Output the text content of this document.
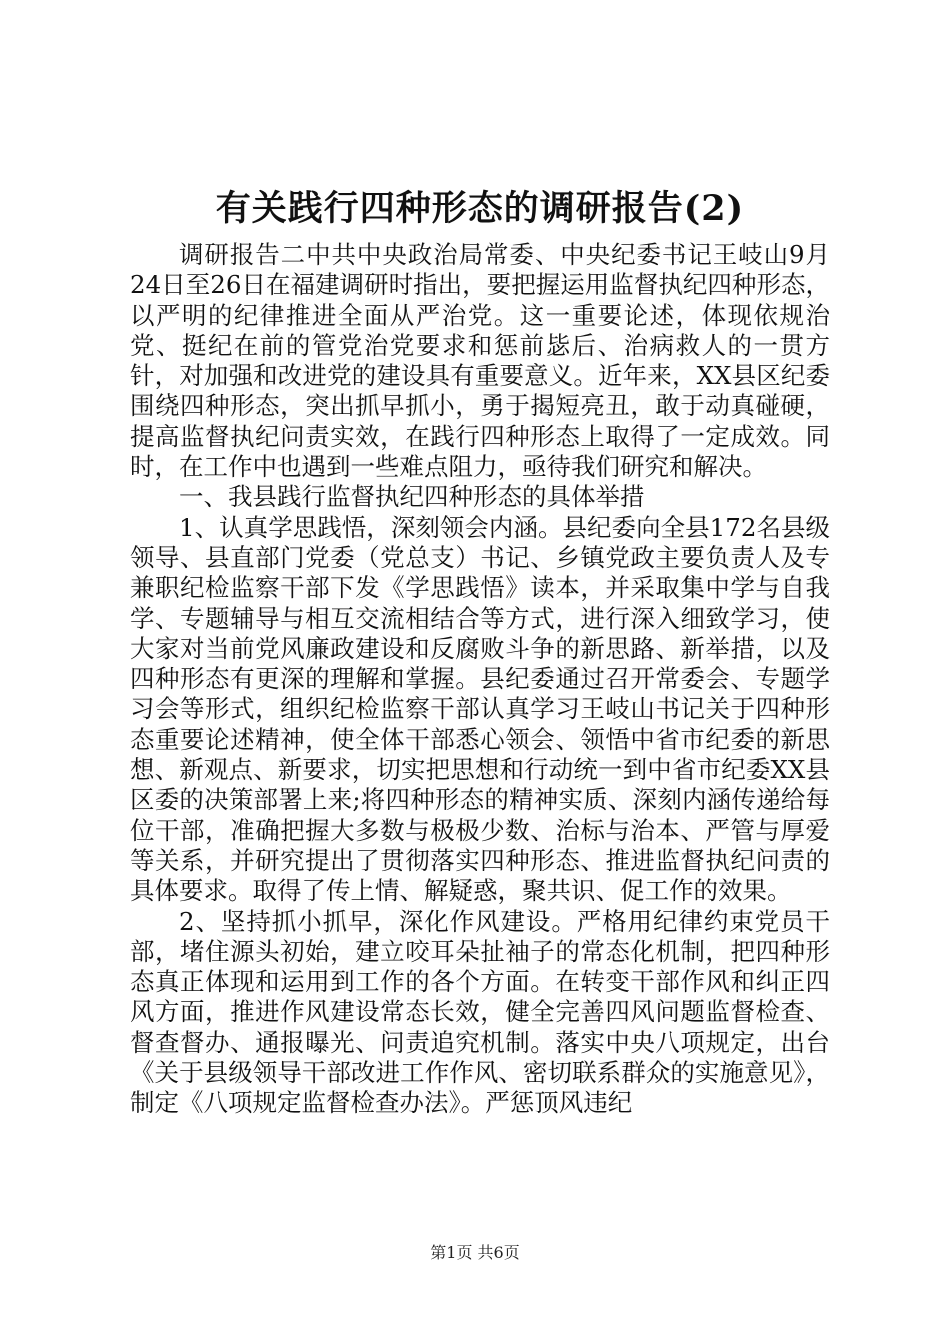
有关践行四种形态的调研报告(2)

调研报告二中共中央政治局常委、中央纪委书记王岐山9月24日至26日在福建调研时指出，要把握运用监督执纪四种形态，以严明的纪律推进全面从严治党。这一重要论述，体现依规治党、挺纪在前的管党治党要求和惩前毖后、治病救人的一贯方针，对加强和改进党的建设具有重要意义。近年来，XX县区纪委围绕四种形态，突出抓早抓小，勇于揭短亮丑，敢于动真碰硬，提高监督执纪问责实效，在践行四种形态上取得了一定成效。同时，在工作中也遇到一些难点阻力，亟待我们研究和解决。

一、我县践行监督执纪四种形态的具体举措

1、认真学思践悟，深刻领会内涵。县纪委向全县172名县级领导、县直部门党委（党总支）书记、乡镇党政主要负责人及专兼职纪检监察干部下发《学思践悟》读本，并采取集中学与自我学、专题辅导与相互交流相结合等方式，进行深入细致学习，使大家对当前党风廉政建设和反腐败斗争的新思路、新举措，以及四种形态有更深的理解和掌握。县纪委通过召开常委会、专题学习会等形式，组织纪检监察干部认真学习王岐山书记关于四种形态重要论述精神，使全体干部悉心领会、领悟中省市纪委的新思想、新观点、新要求，切实把思想和行动统一到中省市纪委XX县区委的决策部署上来;将四种形态的精神实质、深刻内涵传递给每位干部，准确把握大多数与极极少数、治标与治本、严管与厚爱等关系，并研究提出了贯彻落实四种形态、推进监督执纪问责的具体要求。取得了传上情、解疑惑，聚共识、促工作的效果。

2、坚持抓小抓早，深化作风建设。严格用纪律约束党员干部，堵住源头初始，建立咬耳朵扯袖子的常态化机制，把四种形态真正体现和运用到工作的各个方面。在转变干部作风和纠正四风方面，推进作风建设常态长效，健全完善四风问题监督检查、督查督办、通报曝光、问责追究机制。落实中央八项规定，出台《关于县级领导干部改进工作作风、密切联系群众的实施意见》，制定《八项规定监督检查办法》。严惩顶风违纪

第1页 共6页
